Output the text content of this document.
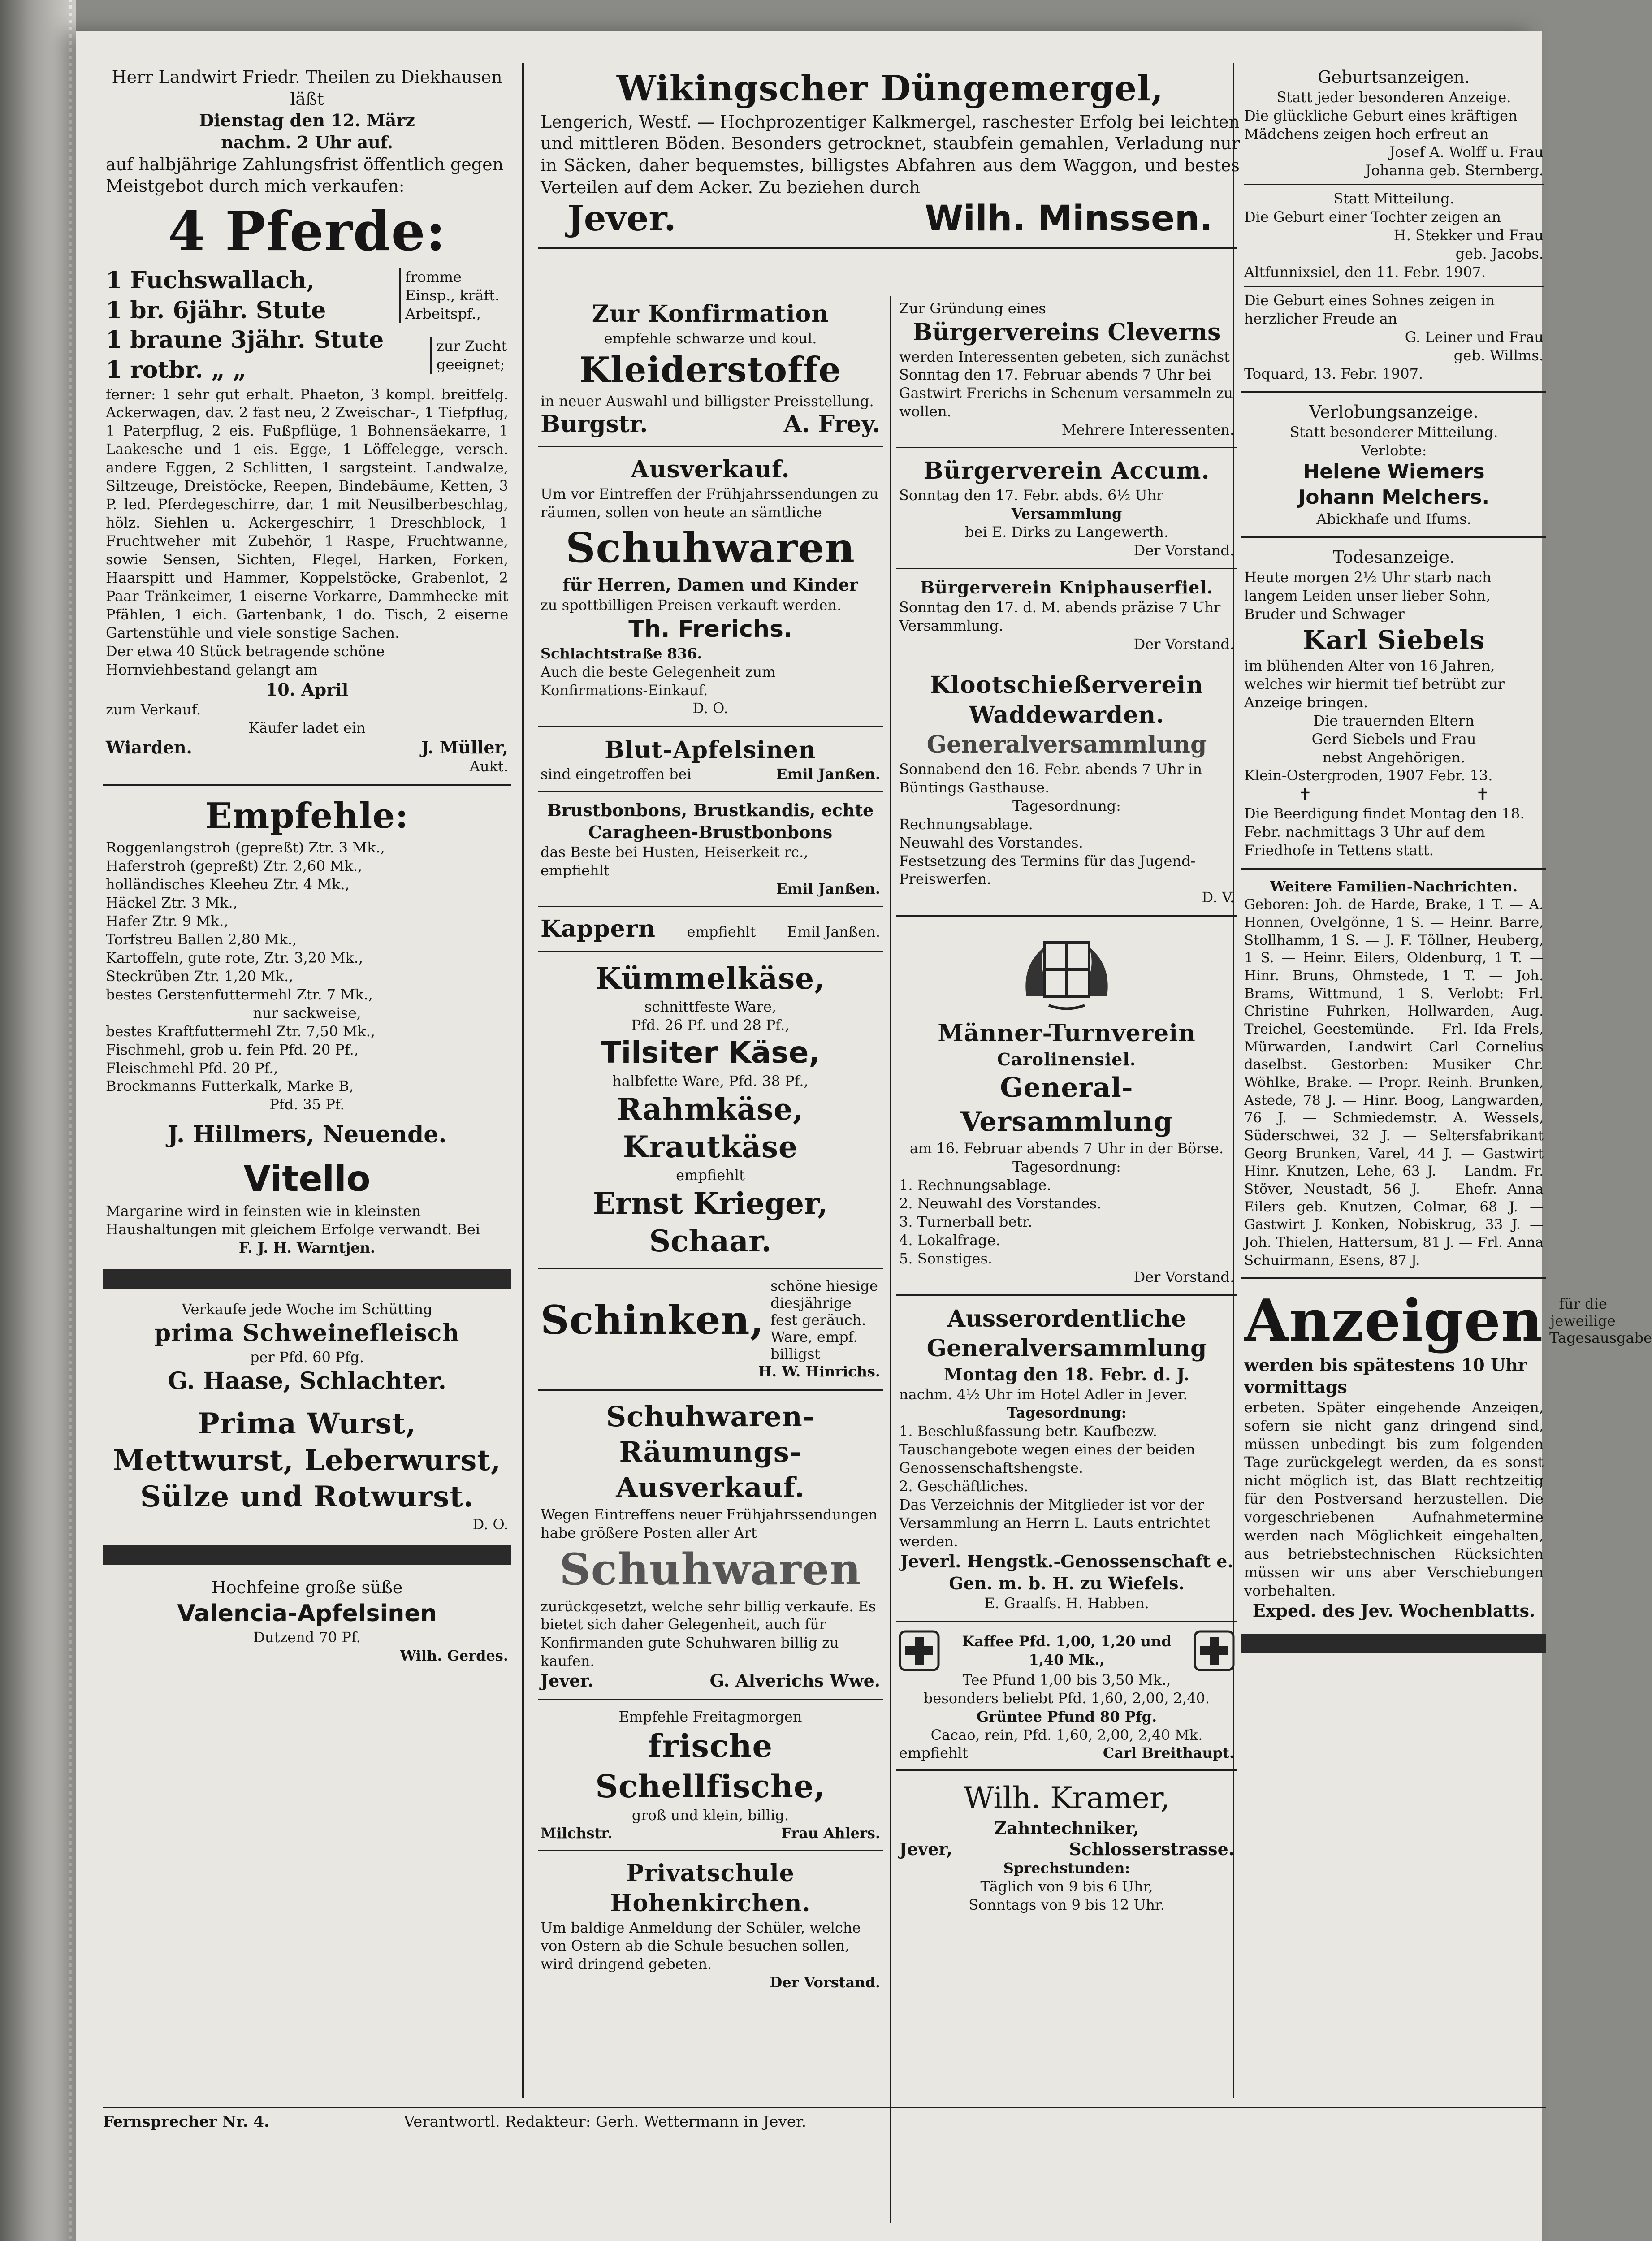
Herr Landwirt Friedr. Theilen zu Diekhausen läßt

Dienstag den 12. März

nachm. 2 Uhr auf.

auf halbjährige Zahlungsfrist öffentlich gegen Meistgebot durch mich verkaufen:

4 Pferde:

1 Fuchswallach,

1 br. 6jähr. Stute

fromme Einsp., kräft. Arbeitspf.,

1 braune 3jähr. Stute

1 rotbr. „ „

zur Zucht geeignet;

ferner: 1 sehr gut erhalt. Phaeton, 3 kompl. breitfelg. Ackerwagen, dav. 2 fast neu, 2 Zweischar-, 1 Tiefpflug, 1 Paterpflug, 2 eis. Fußpflüge, 1 Bohnensäekarre, 1 Laakesche und 1 eis. Egge, 1 Löffelegge, versch. andere Eggen, 2 Schlitten, 1 sargsteint. Landwalze, Siltzeuge, Dreistöcke, Reepen, Bindebäume, Ketten, 3 P. led. Pferdegeschirre, dar. 1 mit Neusilberbeschlag, hölz. Siehlen u. Ackergeschirr, 1 Dreschblock, 1 Fruchtweher mit Zubehör, 1 Raspe, Fruchtwanne, sowie Sensen, Sichten, Flegel, Harken, Forken, Haarspitt und Hammer, Koppelstöcke, Grabenlot, 2 Paar Tränkeimer, 1 eiserne Vorkarre, Dammhecke mit Pfählen, 1 eich. Gartenbank, 1 do. Tisch, 2 eiserne Gartenstühle und viele sonstige Sachen.

Der etwa 40 Stück betragende schöne Hornviehbestand gelangt am

10. April

zum Verkauf.

Käufer ladet ein

Wiarden.	J. Müller,

Aukt.

Empfehle:

Roggenlangstroh (gepreßt) Ztr. 3 Mk.,

Haferstroh (gepreßt) Ztr. 2,60 Mk.,

holländisches Kleeheu Ztr. 4 Mk.,

Häckel Ztr. 3 Mk.,

Hafer Ztr. 9 Mk.,

Torfstreu Ballen 2,80 Mk.,

Kartoffeln, gute rote, Ztr. 3,20 Mk.,

Steckrüben Ztr. 1,20 Mk.,

bestes Gerstenfuttermehl Ztr. 7 Mk.,

nur sackweise,

bestes Kraftfuttermehl Ztr. 7,50 Mk.,

Fischmehl, grob u. fein Pfd. 20 Pf.,

Fleischmehl Pfd. 20 Pf.,

Brockmanns Futterkalk, Marke B,

Pfd. 35 Pf.

J. Hillmers, Neuende.

Vitello

Margarine wird in feinsten wie in kleinsten Haushaltungen mit gleichem Erfolge verwandt. Bei

F. J. H. Warntjen.

Verkaufe jede Woche im Schütting

prima Schweinefleisch

per Pfd. 60 Pfg.

G. Haase, Schlachter.

Prima Wurst, Mettwurst, Leberwurst, Sülze und Rotwurst.

D. O.

Hochfeine große süße

Valencia-Apfelsinen

Dutzend 70 Pf.

Wilh. Gerdes.

Wikingscher Düngemergel,

Lengerich, Westf. — Hochprozentiger Kalkmergel, raschester Erfolg bei leichten und mittleren Böden. Besonders getrocknet, staubfein gemahlen, Verladung nur in Säcken, daher bequemstes, billigstes Abfahren aus dem Waggon, und bestes Verteilen auf dem Acker. Zu beziehen durch

Jever.	Wilh. Minssen.

Zur Konfirmation

empfehle schwarze und koul.

Kleiderstoffe

in neuer Auswahl und billigster Preisstellung.

Burgstr.	A. Frey.

Ausverkauf.

Um vor Eintreffen der Frühjahrssendungen zu räumen, sollen von heute an sämtliche

Schuhwaren

für Herren, Damen und Kinder

zu spottbilligen Preisen verkauft werden.

Th. Frerichs.

Schlachtstraße 836.

Auch die beste Gelegenheit zum Konfirmations-Einkauf.

D. O.

Blut-Apfelsinen

sind eingetroffen bei	Emil Janßen.

Brustbonbons, Brustkandis, echte Caragheen-Brustbonbons

das Beste bei Husten, Heiserkeit rc., empfiehlt

Emil Janßen.

Kappern empfiehlt Emil Janßen.

Kümmelkäse,

schnittfeste Ware,

Pfd. 26 Pf. und 28 Pf.,

Tilsiter Käse,

halbfette Ware, Pfd. 38 Pf.,

Rahmkäse,

Krautkäse

empfiehlt

Ernst Krieger, Schaar.

Schinken,
schöne hiesige diesjährige fest geräuch. Ware, empf. billigst

H. W. Hinrichs.

Schuhwaren-

Räumungs-Ausverkauf.

Wegen Eintreffens neuer Frühjahrssendungen habe größere Posten aller Art

Schuhwaren

zurückgesetzt, welche sehr billig verkaufe. Es bietet sich daher Gelegenheit, auch für Konfirmanden gute Schuhwaren billig zu kaufen.

Jever.	G. Alverichs Wwe.

Empfehle Freitagmorgen

frische Schellfische,

groß und klein, billig.

Milchstr.	Frau Ahlers.

Privatschule Hohenkirchen.

Um baldige Anmeldung der Schüler, welche von Ostern ab die Schule besuchen sollen, wird dringend gebeten.

Der Vorstand.

Zur Gründung eines

Bürgervereins Cleverns

werden Interessenten gebeten, sich zunächst Sonntag den 17. Februar abends 7 Uhr bei Gastwirt Frerichs in Schenum versammeln zu wollen.

Mehrere Interessenten.

Bürgerverein Accum.

Sonntag den 17. Febr. abds. 6½ Uhr

Versammlung

bei E. Dirks zu Langewerth.

Der Vorstand.

Bürgerverein Kniphauserfiel.

Sonntag den 17. d. M. abends präzise 7 Uhr Versammlung.

Der Vorstand.

Klootschießerverein

Waddewarden.

Generalversammlung

Sonnabend den 16. Febr. abends 7 Uhr in Büntings Gasthause.

Tagesordnung:

Rechnungsablage.

Neuwahl des Vorstandes.

Festsetzung des Termins für das Jugend-Preiswerfen.

D. V.

Männer-Turnverein

Carolinensiel.

General-Versammlung

am 16. Februar abends 7 Uhr in der Börse.

Tagesordnung:

1. Rechnungsablage.

2. Neuwahl des Vorstandes.

3. Turnerball betr.

4. Lokalfrage.

5. Sonstiges.

Der Vorstand.

Ausserordentliche

Generalversammlung

Montag den 18. Febr. d. J.

nachm. 4½ Uhr im Hotel Adler in Jever.

Tagesordnung:

1. Beschlußfassung betr. Kaufbezw. Tauschangebote wegen eines der beiden Genossenschaftshengste.

2. Geschäftliches.

Das Verzeichnis der Mitglieder ist vor der Versammlung an Herrn L. Lauts entrichtet werden.

Jeverl. Hengstk.-Genossenschaft e. Gen. m. b. H. zu Wiefels.

E. Graalfs. H. Habben.

Kaffee Pfd. 1,00, 1,20 und 1,40 Mk.,

Tee Pfund 1,00 bis 3,50 Mk.,

besonders beliebt Pfd. 1,60, 2,00, 2,40.

Grüntee Pfund 80 Pfg.

Cacao, rein, Pfd. 1,60, 2,00, 2,40 Mk.

empfiehlt	Carl Breithaupt.

Wilh. Kramer,

Zahntechniker,

Jever,	Schlosserstrasse.

Sprechstunden:

Täglich von 9 bis 6 Uhr,

Sonntags von 9 bis 12 Uhr.

Geburtsanzeigen.

Statt jeder besonderen Anzeige.

Die glückliche Geburt eines kräftigen Mädchens zeigen hoch erfreut an

Josef A. Wolff u. Frau

Johanna geb. Sternberg.

Statt Mitteilung.

Die Geburt einer Tochter zeigen an

H. Stekker und Frau

geb. Jacobs.

Altfunnixsiel, den 11. Febr. 1907.

Die Geburt eines Sohnes zeigen in herzlicher Freude an

G. Leiner und Frau

geb. Willms.

Toquard, 13. Febr. 1907.

Verlobungsanzeige.

Statt besonderer Mitteilung.

Verlobte:

Helene Wiemers

Johann Melchers.

Abickhafe und Ifums.

Todesanzeige.

Heute morgen 2½ Uhr starb nach langem Leiden unser lieber Sohn, Bruder und Schwager

Karl Siebels

im blühenden Alter von 16 Jahren, welches wir hiermit tief betrübt zur Anzeige bringen.

Die trauernden Eltern

Gerd Siebels und Frau

nebst Angehörigen.

Klein-Ostergroden, 1907 Febr. 13.

✝	✝

Die Beerdigung findet Montag den 18. Febr. nachmittags 3 Uhr auf dem Friedhofe in Tettens statt.

Weitere Familien-Nachrichten.

Geboren: Joh. de Harde, Brake, 1 T. — A. Honnen, Ovelgönne, 1 S. — Heinr. Barre, Stollhamm, 1 S. — J. F. Töllner, Heuberg, 1 S. — Heinr. Eilers, Oldenburg, 1 T. — Hinr. Bruns, Ohmstede, 1 T. — Joh. Brams, Wittmund, 1 S. Verlobt: Frl. Christine Fuhrken, Hollwarden, Aug. Treichel, Geestemünde. — Frl. Ida Frels, Mürwarden, Landwirt Carl Cornelius daselbst. Gestorben: Musiker Chr. Wöhlke, Brake. — Propr. Reinh. Brunken, Astede, 78 J. — Hinr. Boog, Langwarden, 76 J. — Schmiedemstr. A. Wessels, Süderschwei, 32 J. — Seltersfabrikant Georg Brunken, Varel, 44 J. — Gastwirt Hinr. Knutzen, Lehe, 63 J. — Landm. Fr. Stöver, Neustadt, 56 J. — Ehefr. Anna Eilers geb. Knutzen, Colmar, 68 J. — Gastwirt J. Konken, Nobiskrug, 33 J. — Joh. Thielen, Hattersum, 81 J. — Frl. Anna Schuirmann, Esens, 87 J.

Anzeigen	für die jeweilige Tagesausgabe

werden bis spätestens 10 Uhr

vormittags

erbeten. Später eingehende Anzeigen, sofern sie nicht ganz dringend sind, müssen unbedingt bis zum folgenden Tage zurückgelegt werden, da es sonst nicht möglich ist, das Blatt rechtzeitig für den Postversand herzustellen. Die vorgeschriebenen Aufnahmetermine werden nach Möglichkeit eingehalten, aus betriebstechnischen Rücksichten müssen wir uns aber Verschiebungen vorbehalten.

Exped. des Jev. Wochenblatts.

Fernsprecher Nr. 4.	Verantwortl. Redakteur: Gerh. Wettermann in Jever.
